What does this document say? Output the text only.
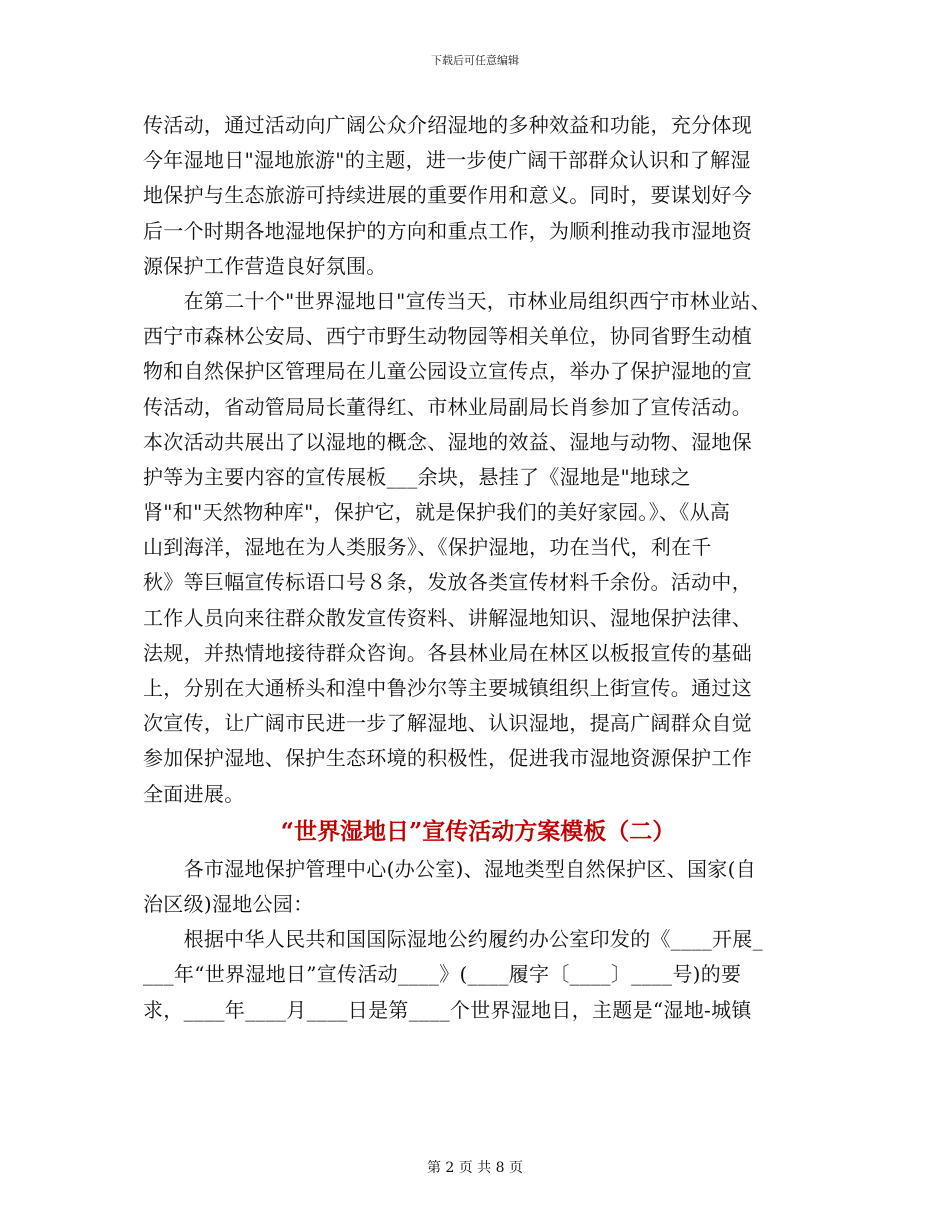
下载后可任意编辑
传活动，通过活动向广阔公众介绍湿地的多种效益和功能，充分体现
今年湿地日"湿地旅游"的主题，进一步使广阔干部群众认识和了解湿
地保护与生态旅游可持续进展的重要作用和意义。同时，要谋划好今
后一个时期各地湿地保护的方向和重点工作，为顺利推动我市湿地资
源保护工作营造良好氛围。
　　在第二十个"世界湿地日"宣传当天，市林业局组织西宁市林业站、
西宁市森林公安局、西宁市野生动物园等相关单位，协同省野生动植
物和自然保护区管理局在儿童公园设立宣传点，举办了保护湿地的宣
传活动，省动管局局长董得红、市林业局副局长肖参加了宣传活动。
本次活动共展出了以湿地的概念、湿地的效益、湿地与动物、湿地保
护等为主要内容的宣传展板___余块，悬挂了《湿地是"地球之
肾"和"天然物种库"，保护它，就是保护我们的美好家园。》、《从高
山到海洋，湿地在为人类服务》、《保护湿地，功在当代，利在千
秋》等巨幅宣传标语口号８条，发放各类宣传材料千余份。活动中，
工作人员向来往群众散发宣传资料、讲解湿地知识、湿地保护法律、
法规，并热情地接待群众咨询。各县林业局在林区以板报宣传的基础
上，分别在大通桥头和湟中鲁沙尔等主要城镇组织上街宣传。通过这
次宣传，让广阔市民进一步了解湿地、认识湿地，提高广阔群众自觉
参加保护湿地、保护生态环境的积极性，促进我市湿地资源保护工作
全面进展。
“世界湿地日”宣传活动方案模板（二）
　　各市湿地保护管理中心(办公室)、湿地类型自然保护区、国家(自
治区级)湿地公园：
　　根据中华人民共和国国际湿地公约履约办公室印发的《____开展_
___年“世界湿地日”宣传活动____》(____履字〔____〕____号)的要
求，____年____月____日是第____个世界湿地日，主题是“湿地-城镇
第 2 页 共 8 页
